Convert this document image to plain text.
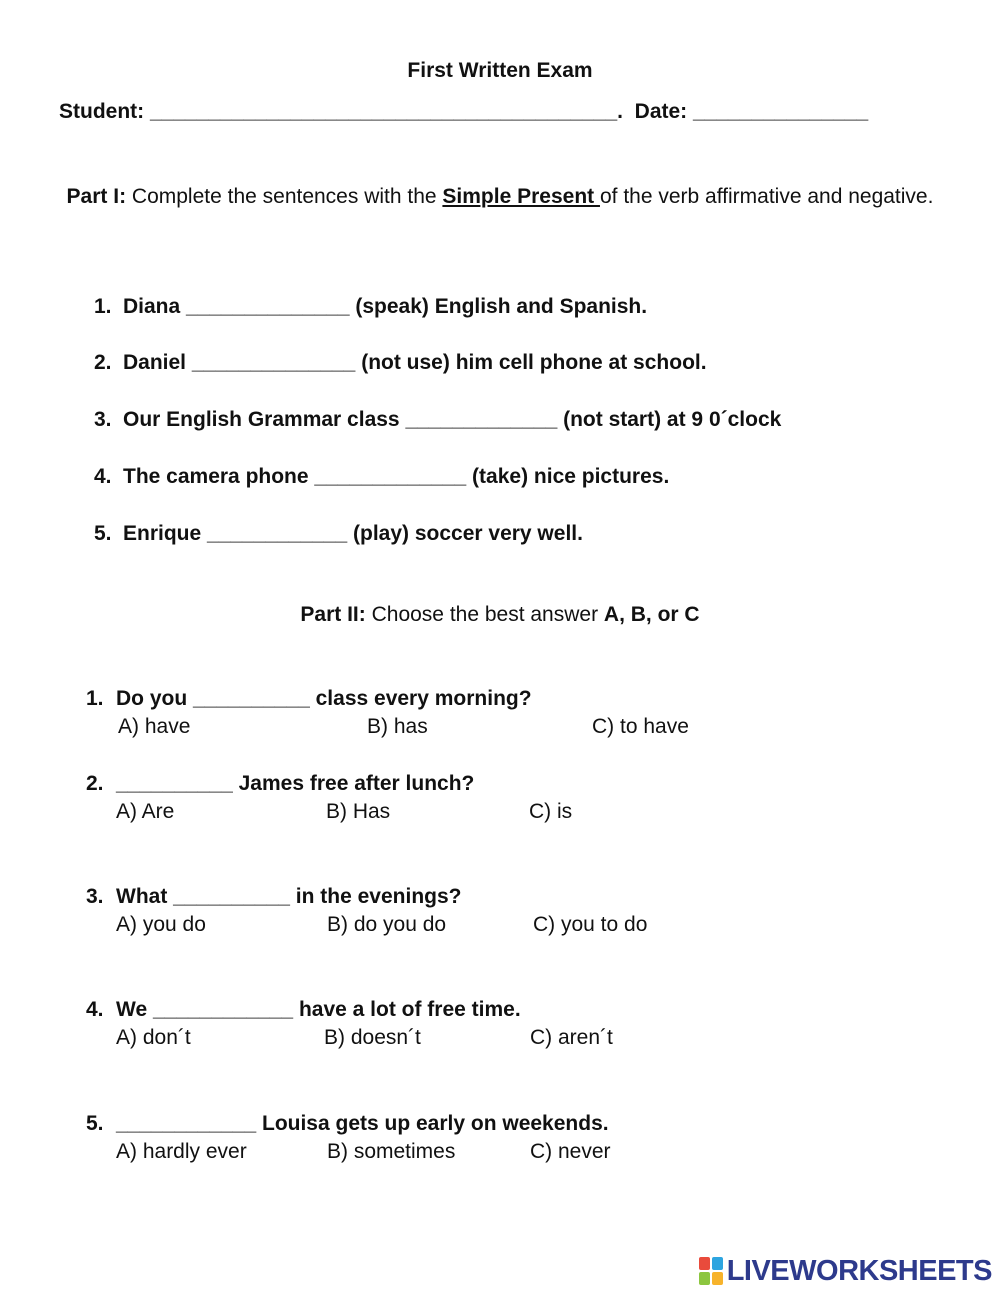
First Written Exam
Student: ________________________________________.  Date: _______________
Part I: Complete the sentences with the Simple Present of the verb affirmative and negative.
1. Diana ______________ (speak) English and Spanish.
2. Daniel ______________ (not use) him cell phone at school.
3. Our English Grammar class _____________ (not start) at 9 0´clock
4. The camera phone _____________ (take) nice pictures.
5. Enrique ____________ (play) soccer very well.
Part II: Choose the best answer A, B, or C
1. Do you __________ class every morning?
A) have	B) has	C) to have
2. __________ James free after lunch?
A) Are	B) Has	C) is
3. What __________ in the evenings?
A) you do	B) do you do	C) you to do
4. We ____________ have a lot of free time.
A) don´t	B) doesn´t	C) aren´t
5. ____________ Louisa gets up early on weekends.
A) hardly ever	B) sometimes	C) never
LIVEWORKSHEETS
